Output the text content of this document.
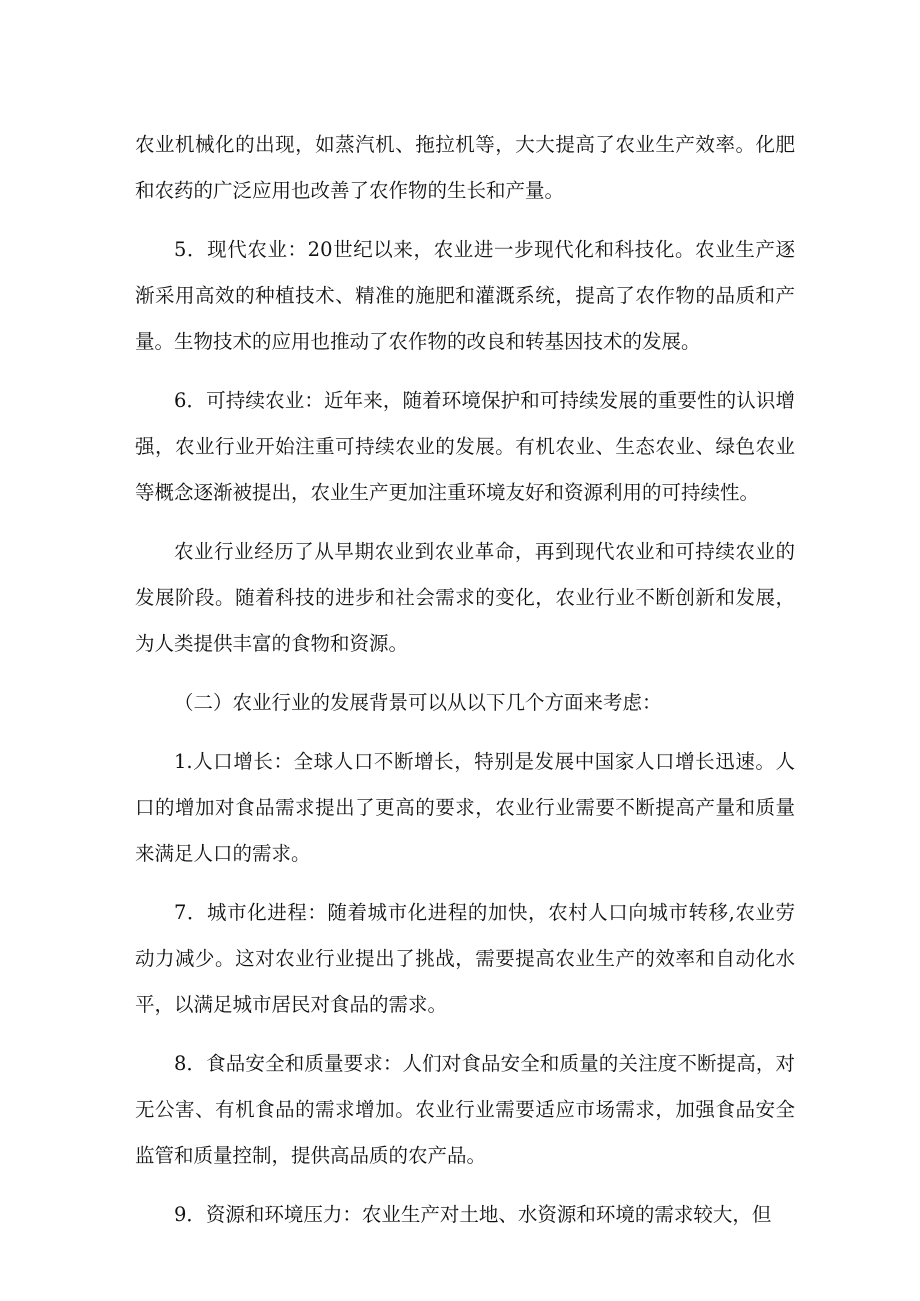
农业机械化的出现，如蒸汽机、拖拉机等，大大提高了农业生产效率。化肥和农药的广泛应用也改善了农作物的生长和产量。

5．现代农业：20世纪以来，农业进一步现代化和科技化。农业生产逐渐采用高效的种植技术、精准的施肥和灌溉系统，提高了农作物的品质和产量。生物技术的应用也推动了农作物的改良和转基因技术的发展。

6．可持续农业：近年来，随着环境保护和可持续发展的重要性的认识增强，农业行业开始注重可持续农业的发展。有机农业、生态农业、绿色农业等概念逐渐被提出，农业生产更加注重环境友好和资源利用的可持续性。

农业行业经历了从早期农业到农业革命，再到现代农业和可持续农业的发展阶段。随着科技的进步和社会需求的变化，农业行业不断创新和发展，为人类提供丰富的食物和资源。

（二）农业行业的发展背景可以从以下几个方面来考虑：

1.人口增长：全球人口不断增长，特别是发展中国家人口增长迅速。人口的增加对食品需求提出了更高的要求，农业行业需要不断提高产量和质量来满足人口的需求。

7．城市化进程：随着城市化进程的加快，农村人口向城市转移,农业劳动力减少。这对农业行业提出了挑战，需要提高农业生产的效率和自动化水平，以满足城市居民对食品的需求。

8．食品安全和质量要求：人们对食品安全和质量的关注度不断提高，对无公害、有机食品的需求增加。农业行业需要适应市场需求，加强食品安全监管和质量控制，提供高品质的农产品。

9．资源和环境压力：农业生产对土地、水资源和环境的需求较大，但
